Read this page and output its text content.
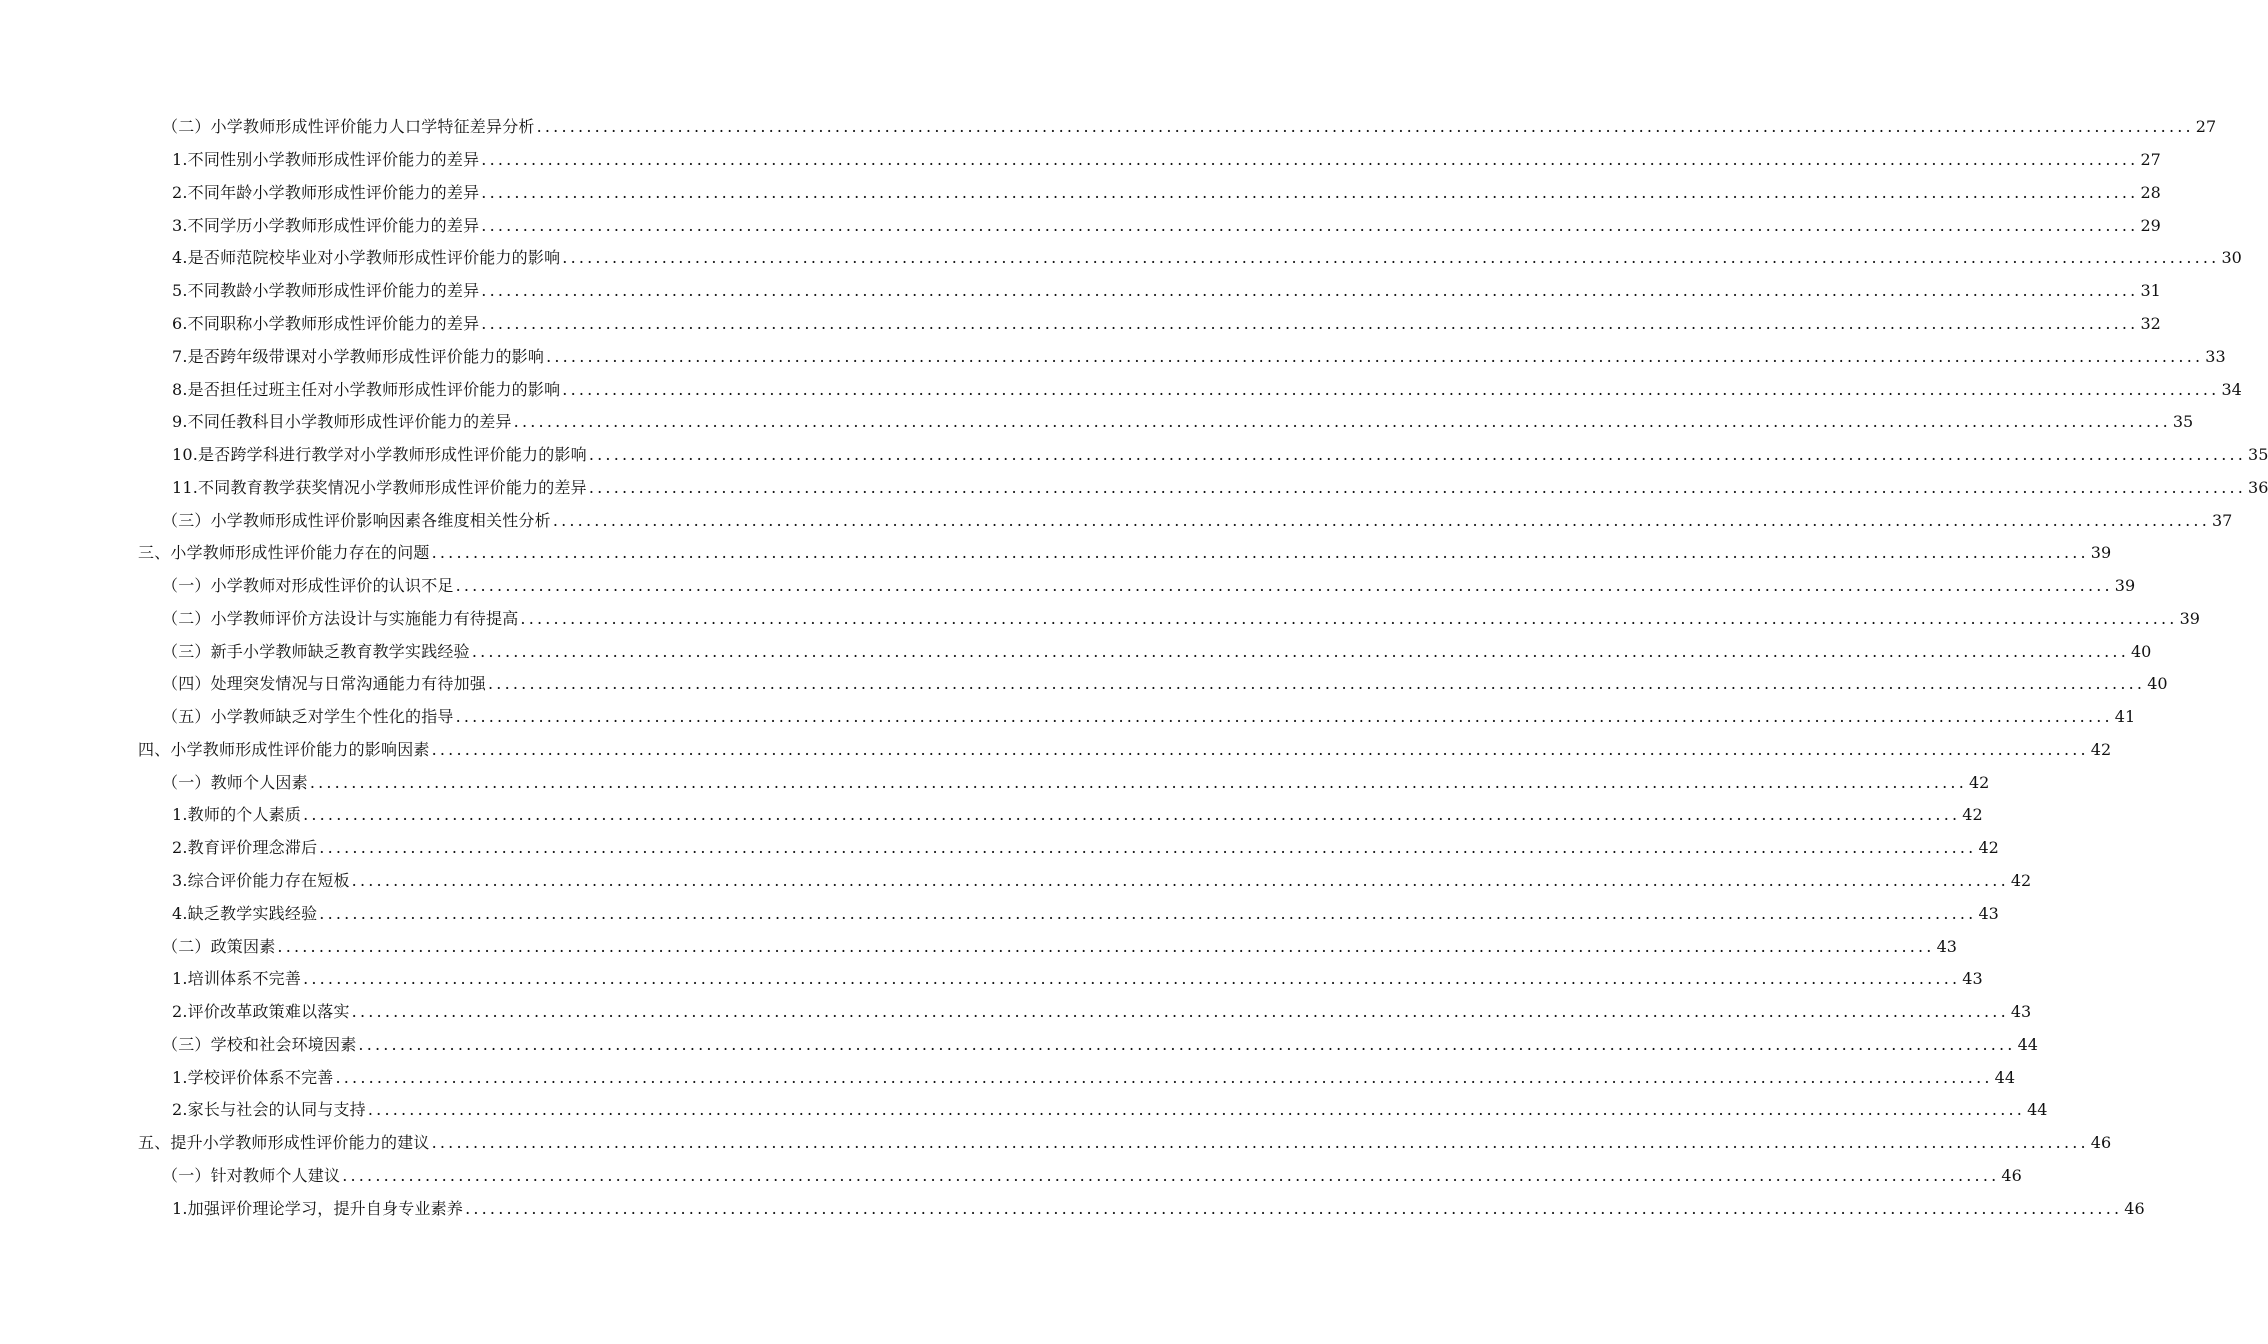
（二）小学教师形成性评价能力人口学特征差异分析 ........................................................................................................................................................................................................ 27
1.不同性别小学教师形成性评价能力的差异 ........................................................................................................................................................................................................ 27
2.不同年龄小学教师形成性评价能力的差异 ........................................................................................................................................................................................................ 28
3.不同学历小学教师形成性评价能力的差异 ........................................................................................................................................................................................................ 29
4.是否师范院校毕业对小学教师形成性评价能力的影响 ........................................................................................................................................................................................................ 30
5.不同教龄小学教师形成性评价能力的差异 ........................................................................................................................................................................................................ 31
6.不同职称小学教师形成性评价能力的差异 ........................................................................................................................................................................................................ 32
7.是否跨年级带课对小学教师形成性评价能力的影响 ........................................................................................................................................................................................................ 33
8.是否担任过班主任对小学教师形成性评价能力的影响 ........................................................................................................................................................................................................ 34
9.不同任教科目小学教师形成性评价能力的差异 ........................................................................................................................................................................................................ 35
10.是否跨学科进行教学对小学教师形成性评价能力的影响 ........................................................................................................................................................................................................ 35
11.不同教育教学获奖情况小学教师形成性评价能力的差异 ........................................................................................................................................................................................................ 36
（三）小学教师形成性评价影响因素各维度相关性分析 ........................................................................................................................................................................................................ 37
三、小学教师形成性评价能力存在的问题 ........................................................................................................................................................................................................ 39
（一）小学教师对形成性评价的认识不足 ........................................................................................................................................................................................................ 39
（二）小学教师评价方法设计与实施能力有待提高 ........................................................................................................................................................................................................ 39
（三）新手小学教师缺乏教育教学实践经验 ........................................................................................................................................................................................................ 40
（四）处理突发情况与日常沟通能力有待加强 ........................................................................................................................................................................................................ 40
（五）小学教师缺乏对学生个性化的指导 ........................................................................................................................................................................................................ 41
四、小学教师形成性评价能力的影响因素 ........................................................................................................................................................................................................ 42
（一）教师个人因素 ........................................................................................................................................................................................................ 42
1.教师的个人素质 ........................................................................................................................................................................................................ 42
2.教育评价理念滞后 ........................................................................................................................................................................................................ 42
3.综合评价能力存在短板 ........................................................................................................................................................................................................ 42
4.缺乏教学实践经验 ........................................................................................................................................................................................................ 43
（二）政策因素 ........................................................................................................................................................................................................ 43
1.培训体系不完善 ........................................................................................................................................................................................................ 43
2.评价改革政策难以落实 ........................................................................................................................................................................................................ 43
（三）学校和社会环境因素 ........................................................................................................................................................................................................ 44
1.学校评价体系不完善 ........................................................................................................................................................................................................ 44
2.家长与社会的认同与支持 ........................................................................................................................................................................................................ 44
五、提升小学教师形成性评价能力的建议 ........................................................................................................................................................................................................ 46
（一）针对教师个人建议 ........................................................................................................................................................................................................ 46
1.加强评价理论学习，提升自身专业素养 ........................................................................................................................................................................................................ 46
